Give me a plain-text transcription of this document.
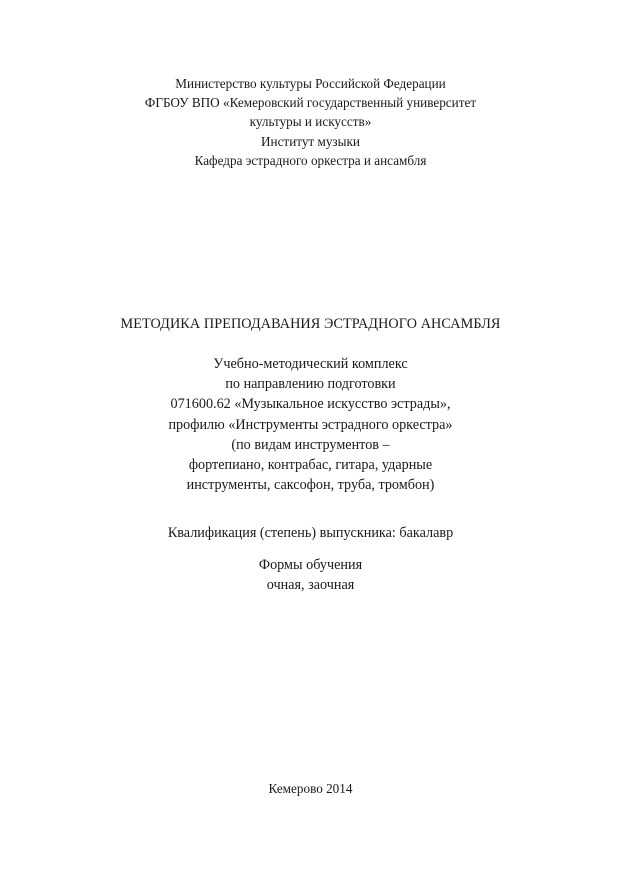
Министерство культуры Российской Федерации
ФГБОУ ВПО «Кемеровский государственный университет
культуры и искусств»
Институт музыки
Кафедра эстрадного оркестра и ансамбля
МЕТОДИКА ПРЕПОДАВАНИЯ ЭСТРАДНОГО АНСАМБЛЯ
Учебно-методический комплекс
по направлению подготовки
071600.62 «Музыкальное искусство эстрады»,
профилю «Инструменты эстрадного оркестра»
(по видам инструментов –
фортепиано, контрабас, гитара, ударные
инструменты, саксофон, труба, тромбон)
Квалификация (степень) выпускника: бакалавр
Формы обучения
очная, заочная
Кемерово 2014
